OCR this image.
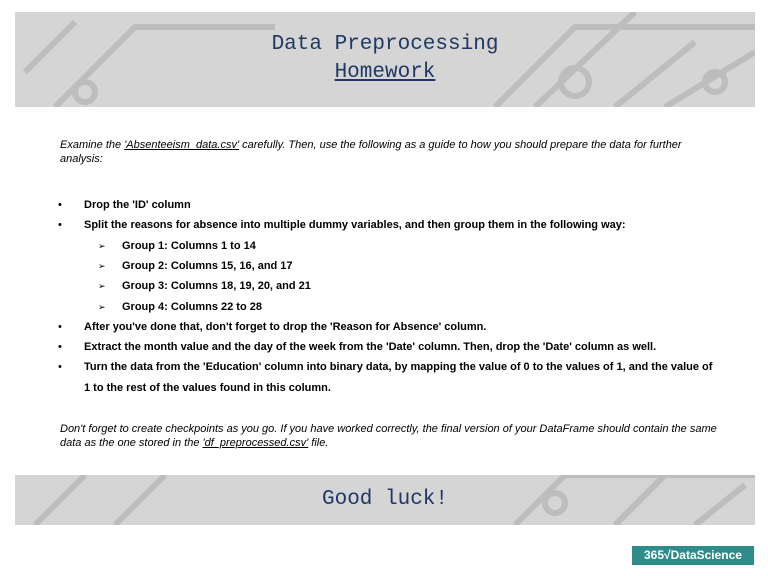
Data Preprocessing
Homework
Examine the 'Absenteeism_data.csv' carefully. Then, use the following as a guide to how you should prepare the data for further analysis:
•	Drop the 'ID' column
•	Split the reasons for absence into multiple dummy variables, and then group them in the following way:
➢	Group 1: Columns 1 to 14
➢	Group 2: Columns 15, 16, and 17
➢	Group 3: Columns 18, 19, 20, and 21
➢	Group 4: Columns 22 to 28
•	After you've done that, don't forget to drop the 'Reason for Absence' column.
•	Extract the month value and the day of the week from the 'Date' column. Then, drop the 'Date' column as well.
•	Turn the data from the 'Education' column into binary data, by mapping the value of 0 to the values of 1, and the value of 1 to the rest of the values found in this column.
Don't forget to create checkpoints as you go. If you have worked correctly, the final version of your DataFrame should contain the same data as the one stored in the 'df_preprocessed.csv' file.
Good luck!
365√DataScience
